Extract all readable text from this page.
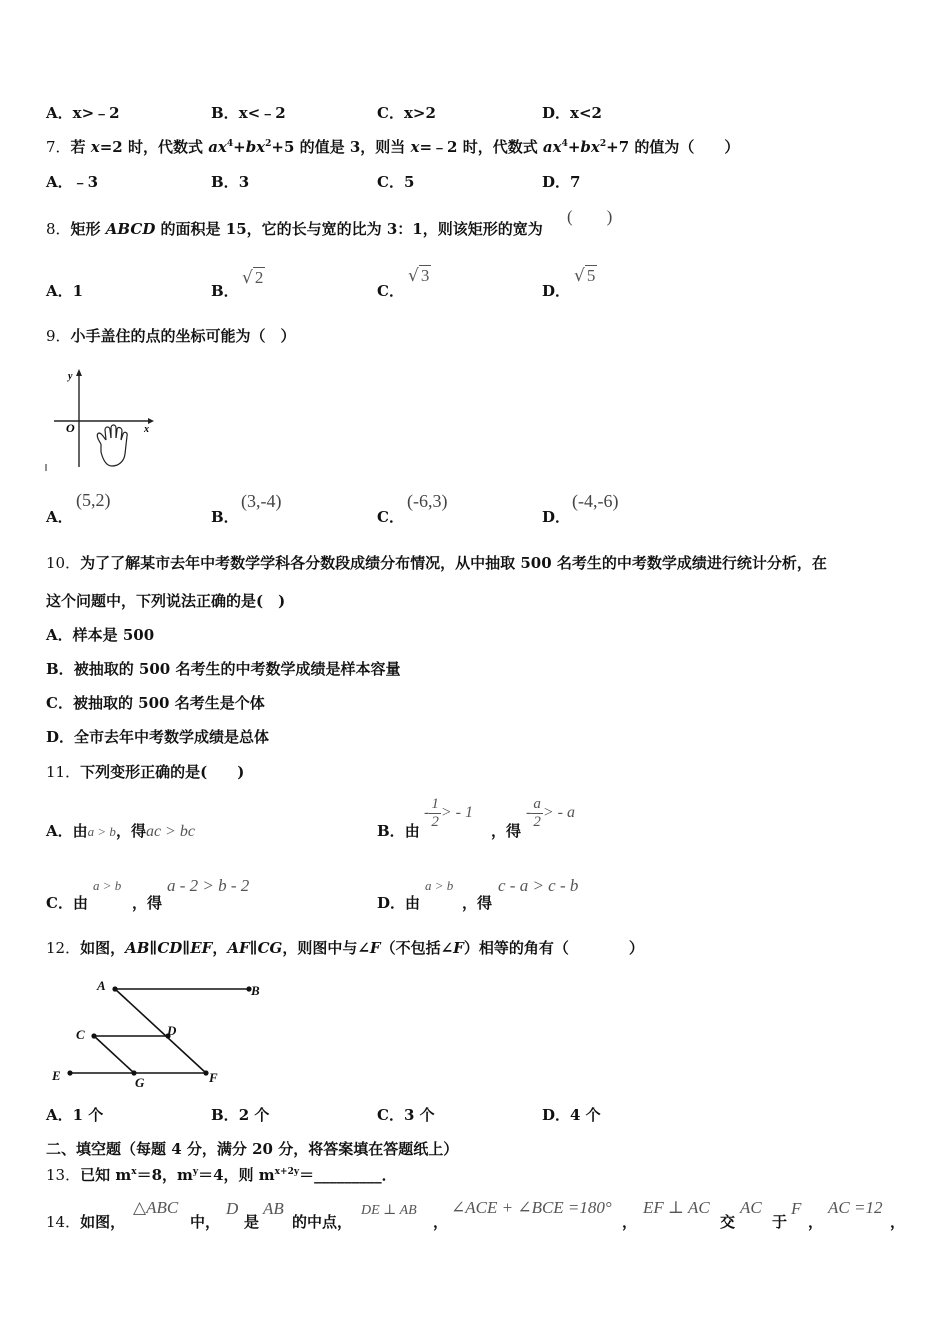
A．x>﹣2	B．x<﹣2	C．x>2	D．x<2
7．若 x=2 时，代数式 $ax^4+bx^2+5$ 的值是 3，则当 x=﹣2 时，代数式 $ax^4+bx^2+7$ 的值为（　　）
A．﹣3	B．3	C．5	D．7
8．矩形 ABCD 的面积是 15，它的长与宽的比为 3：1，则该矩形的宽为
(　　)
A．1	B．
√ 2
C．
√ 3
D．
√ 5
9．小手盖住的点的坐标可能为（　）
y
x
O
A．
(5,2)
B．
(3,-4)
C．
(-6,3)
D．
(-4,-6)
10．为了了解某市去年中考数学学科各分数段成绩分布情况，从中抽取 500 名考生的中考数学成绩进行统计分析，在
这个问题中，下列说法正确的是(　)
A．样本是 500
B．被抽取的 500 名考生的中考数学成绩是样本容量
C．被抽取的 500 名考生是个体
D．全市去年中考数学成绩是总体
11．下列变形正确的是(　　)
A．由a > b，得ac > bc	B．由
- $\frac{1}{2}$ > - 1
，得
- $\frac{a}{2}$ > - a
C．由
a > b
，得
a - 2 > b - 2
D．由
a > b
，得
c - a > c - b
12．如图，AB∥CD∥EF，AF∥CG，则图中与∠F（不包括∠F）相等的角有（　　　　）
A	B
C	D
E	G	F
A．1 个	B．2 个	C．3 个	D．4 个
二、填空题（每题 4 分，满分 20 分，将答案填在答题纸上）
13．已知 $m^x=8$，$m^y=4$，则 $m^{x+2y}=\_\_\_\_\_\_\_\_\_$．
14．如图，
△ABC
中，
D
是
AB
的中点，
DE ⊥ AB
，
∠ACE + ∠BCE =180°
，
EF ⊥ AC
交
AC
于
F
，
AC =12
，
